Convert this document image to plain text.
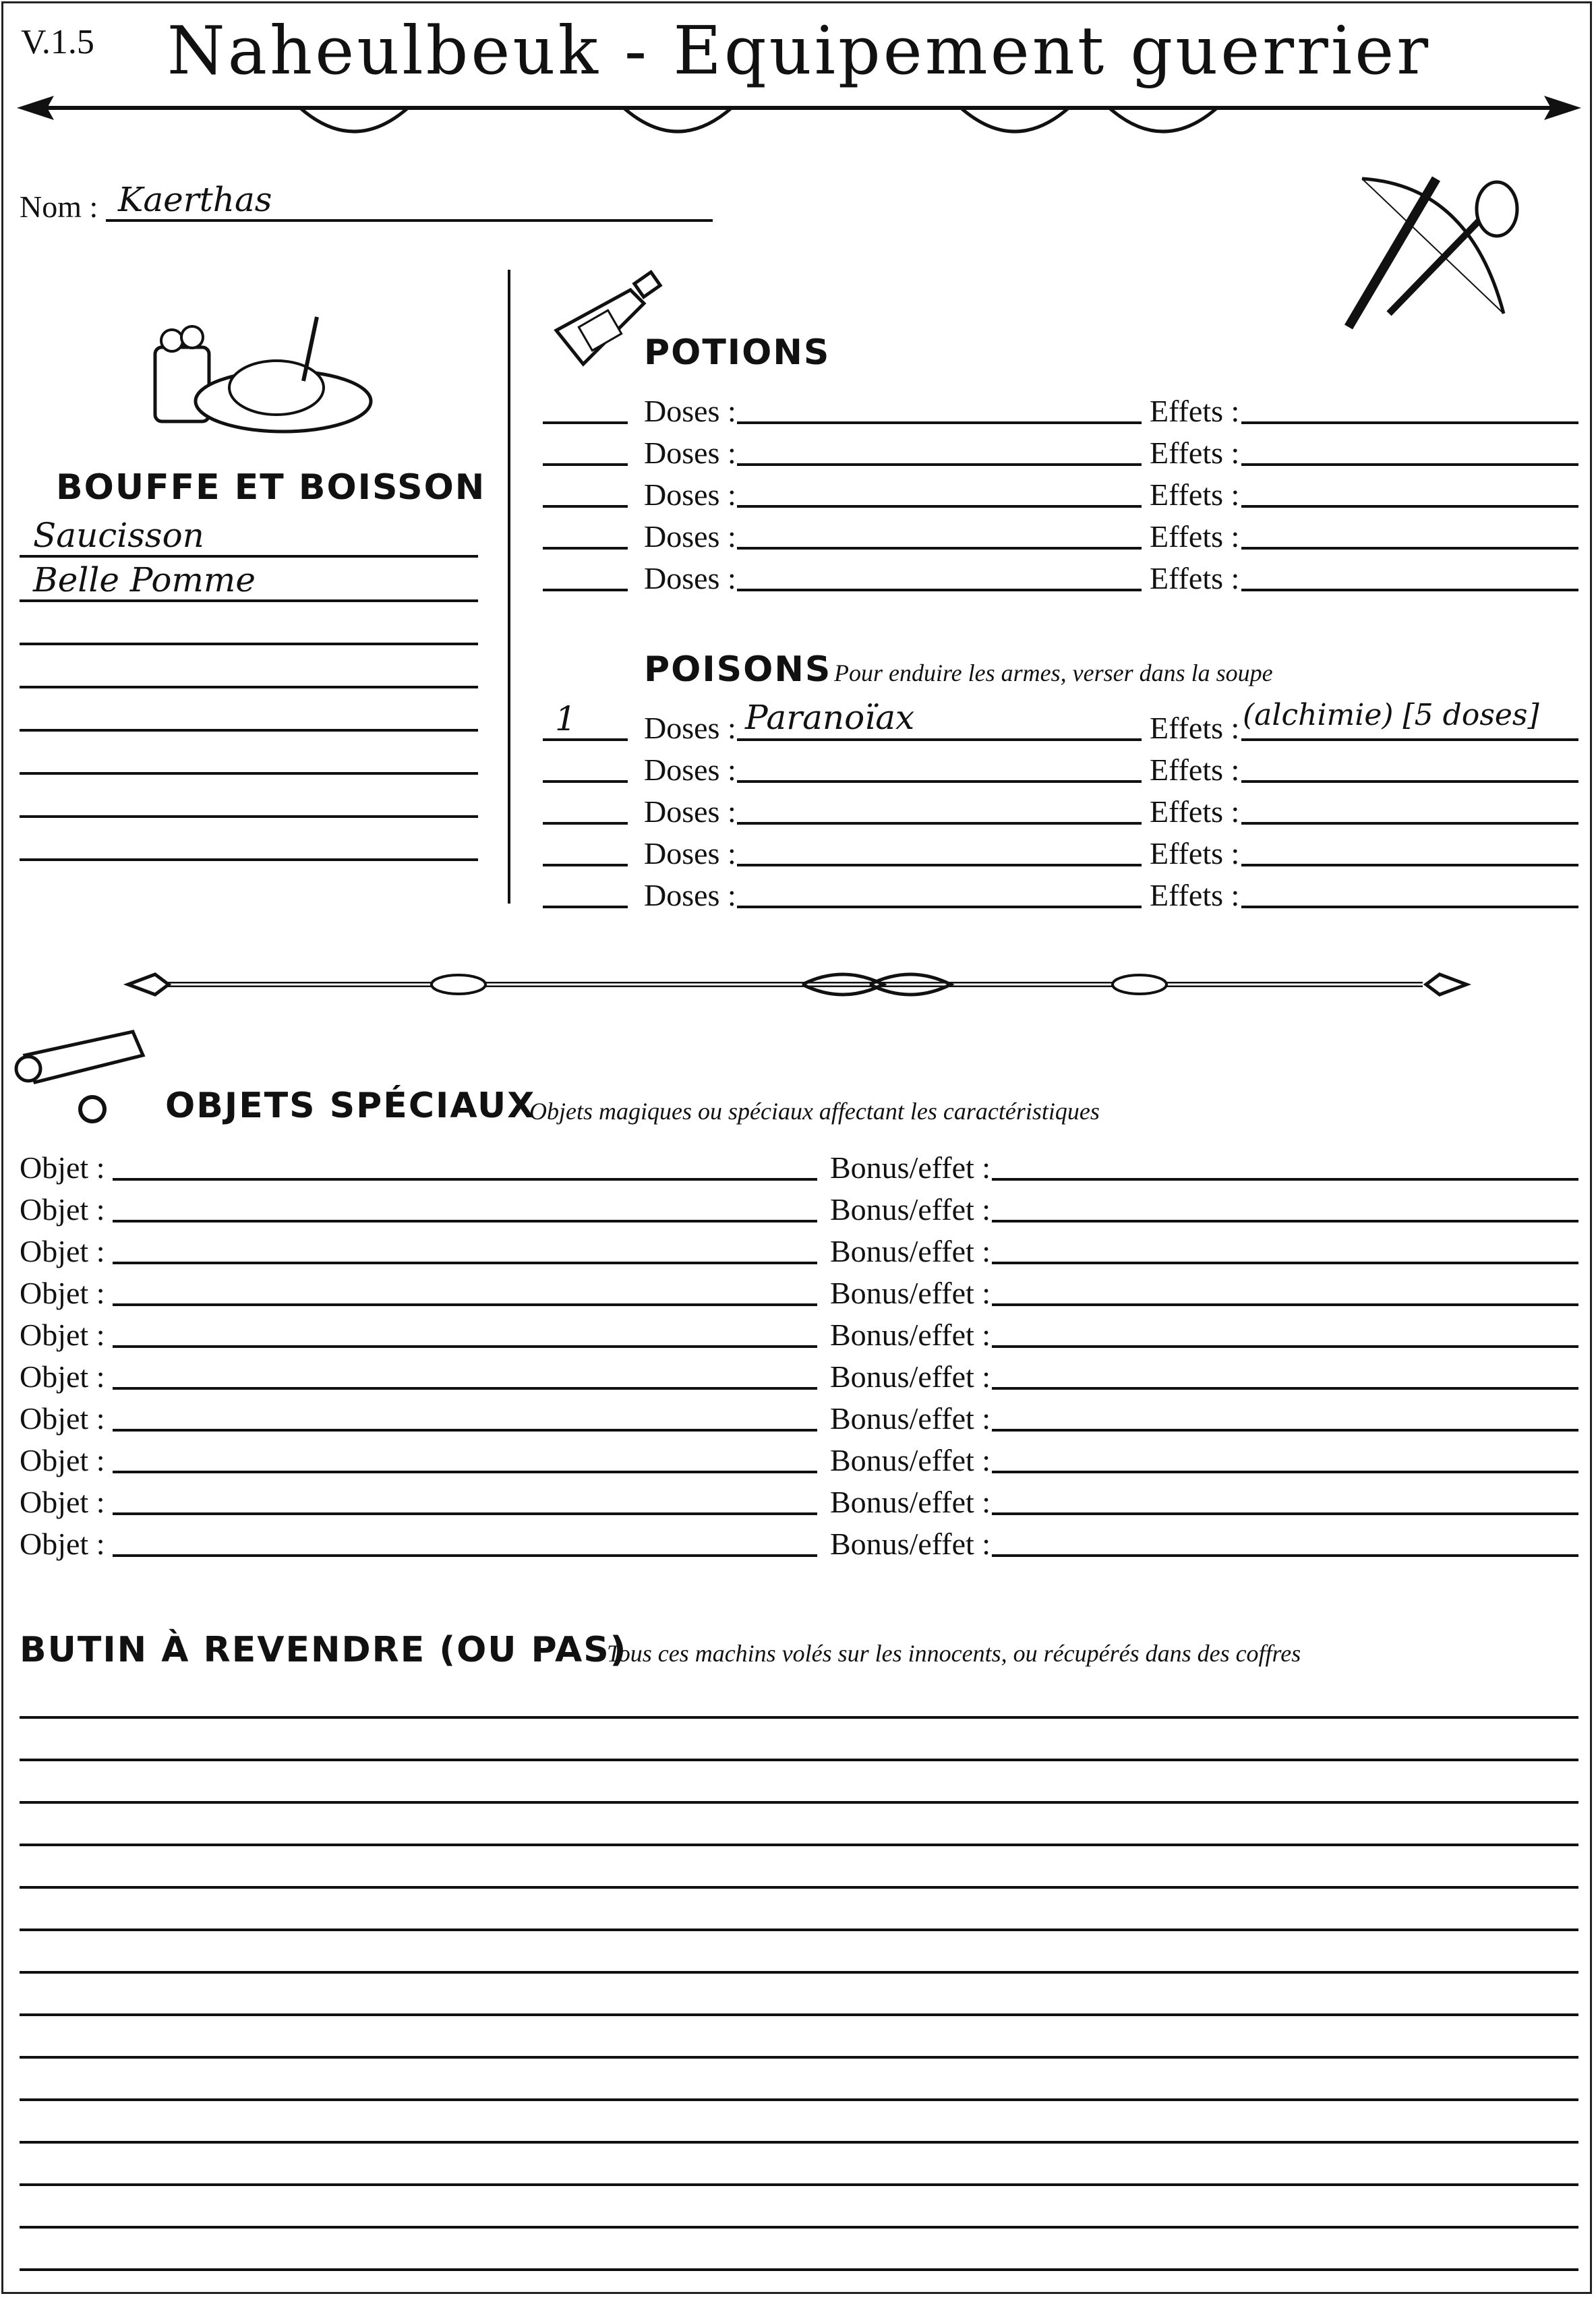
V.1.5	Naheulbeuk - Equipement guerrier
Nom : Kaerthas
BOUFFE ET BOISSON
Saucisson
Belle Pomme
POTIONS
Doses :	Effets :
Doses :	Effets :
Doses :	Effets :
Doses :	Effets :
Doses :	Effets :
POISONS Pour enduire les armes, verser dans la soupe
1 Doses : Paranoïax	Effets : (alchimie) [5 doses]
Doses :	Effets :
Doses :	Effets :
Doses :	Effets :
Doses :	Effets :
OBJETS SPÉCIAUX
Objets magiques ou spéciaux affectant les caractéristiques
Objet :	Bonus/effet :
Objet :	Bonus/effet :
Objet :	Bonus/effet :
Objet :	Bonus/effet :
Objet :	Bonus/effet :
Objet :	Bonus/effet :
Objet :	Bonus/effet :
Objet :	Bonus/effet :
Objet :	Bonus/effet :
Objet :	Bonus/effet :
BUTIN À REVENDRE (OU PAS)
Tous ces machins volés sur les innocents, ou récupérés dans des coffres
